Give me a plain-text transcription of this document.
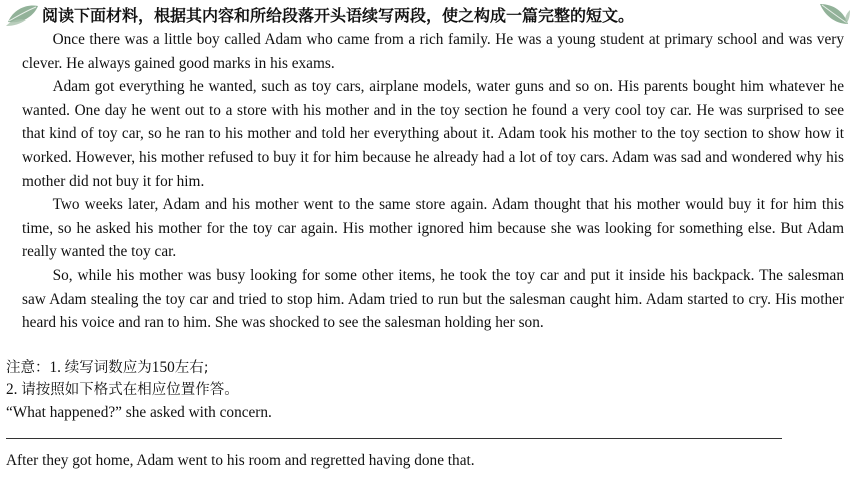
阅读下面材料，根据其内容和所给段落开头语续写两段，使之构成一篇完整的短文。

Once there was a little boy called Adam who came from a rich family. He was a young student at primary school and was very clever. He always gained good marks in his exams.

Adam got everything he wanted, such as toy cars, airplane models, water guns and so on. His parents bought him whatever he wanted. One day he went out to a store with his mother and in the toy section he found a very cool toy car. He was surprised to see that kind of toy car, so he ran to his mother and told her everything about it. Adam took his mother to the toy section to show how it worked. However, his mother refused to buy it for him because he already had a lot of toy cars. Adam was sad and wondered why his mother did not buy it for him.

Two weeks later, Adam and his mother went to the same store again. Adam thought that his mother would buy it for him this time, so he asked his mother for the toy car again. His mother ignored him because she was looking for something else. But Adam really wanted the toy car.

So, while his mother was busy looking for some other items, he took the toy car and put it inside his backpack. The salesman saw Adam stealing the toy car and tried to stop him. Adam tried to run but the salesman caught him. Adam started to cry. His mother heard his voice and ran to him. She was shocked to see the salesman holding her son.

注意：1. 续写词数应为150左右;
2. 请按照如下格式在相应位置作答。
“What happened?” she asked with concern.
After they got home, Adam went to his room and regretted having done that.
